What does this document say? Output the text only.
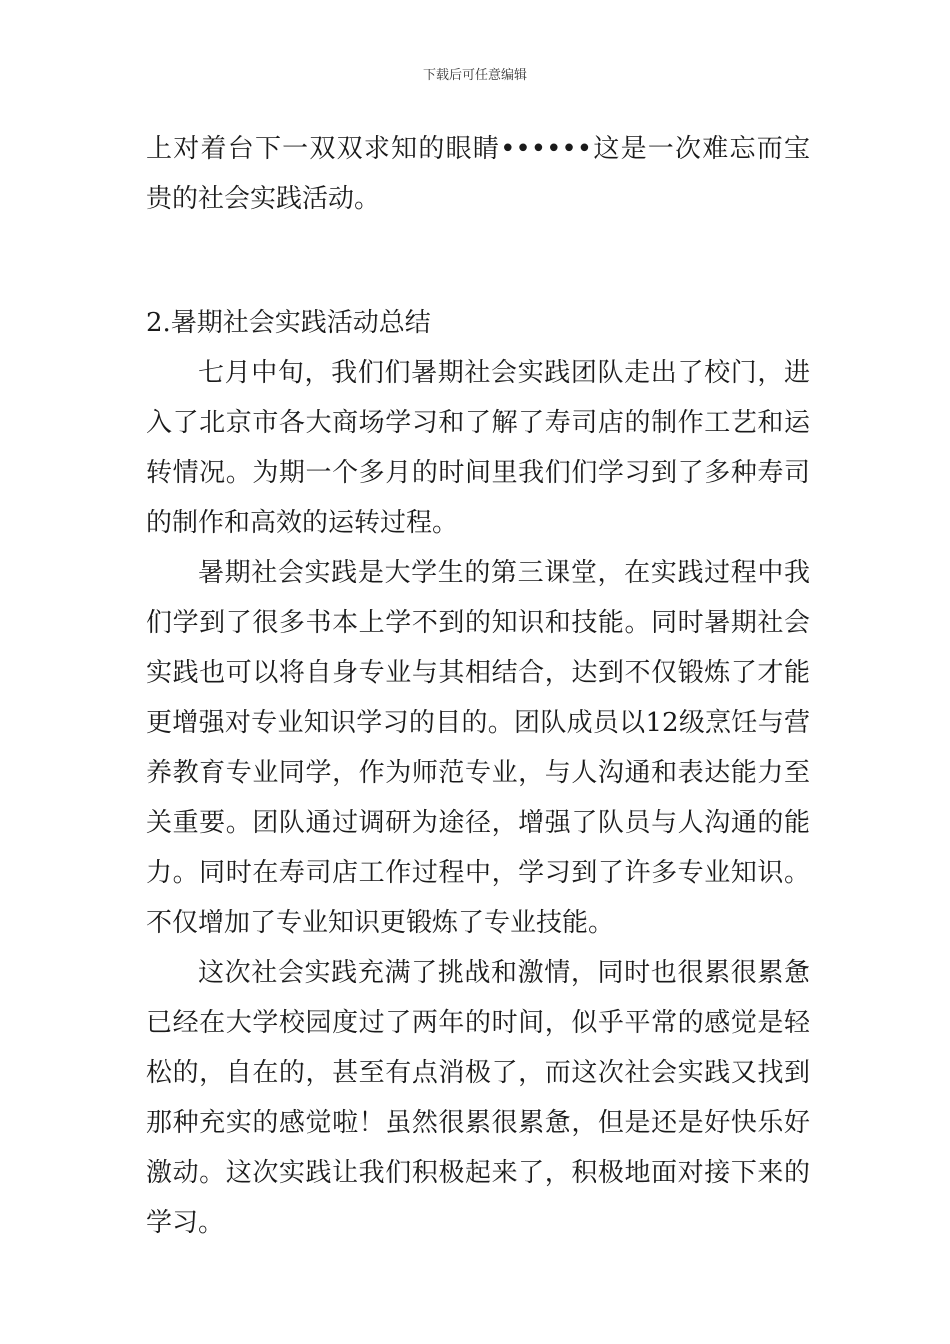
下载后可任意编辑

上对着台下一双双求知的眼睛••••••这是一次难忘而宝贵的社会实践活动。

2.暑期社会实践活动总结

七月中旬，我们们暑期社会实践团队走出了校门，进入了北京市各大商场学习和了解了寿司店的制作工艺和运转情况。为期一个多月的时间里我们们学习到了多种寿司的制作和高效的运转过程。

暑期社会实践是大学生的第三课堂，在实践过程中我们学到了很多书本上学不到的知识和技能。同时暑期社会实践也可以将自身专业与其相结合，达到不仅锻炼了才能更增强对专业知识学习的目的。团队成员以12级烹饪与营养教育专业同学，作为师范专业，与人沟通和表达能力至关重要。团队通过调研为途径，增强了队员与人沟通的能力。同时在寿司店工作过程中，学习到了许多专业知识。不仅增加了专业知识更锻炼了专业技能。

这次社会实践充满了挑战和激情，同时也很累很累惫已经在大学校园度过了两年的时间，似乎平常的感觉是轻松的，自在的，甚至有点消极了，而这次社会实践又找到那种充实的感觉啦！虽然很累很累惫，但是还是好快乐好激动。这次实践让我们积极起来了，积极地面对接下来的学习。
